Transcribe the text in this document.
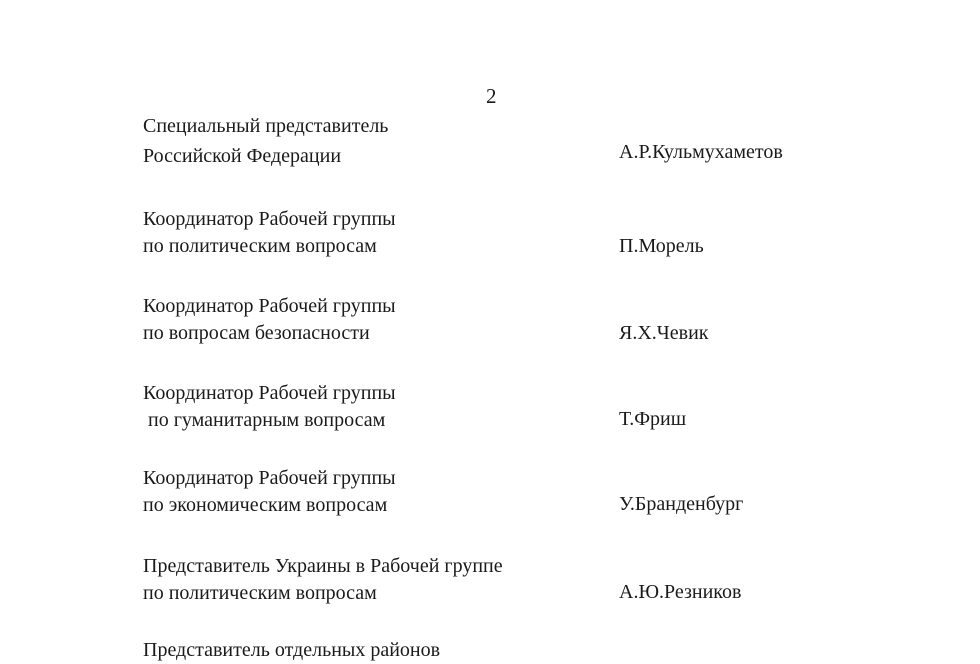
2
Специальный представитель
Российской Федерации	А.Р.Кульмухаметов
Координатор Рабочей группы
по политическим вопросам	П.Морель
Координатор Рабочей группы
по вопросам безопасности	Я.Х.Чевик
Координатор Рабочей группы
по гуманитарным вопросам	Т.Фриш
Координатор Рабочей группы
по экономическим вопросам	У.Бранденбург
Представитель Украины в Рабочей группе
по политическим вопросам	А.Ю.Резников
Представитель отдельных районов
